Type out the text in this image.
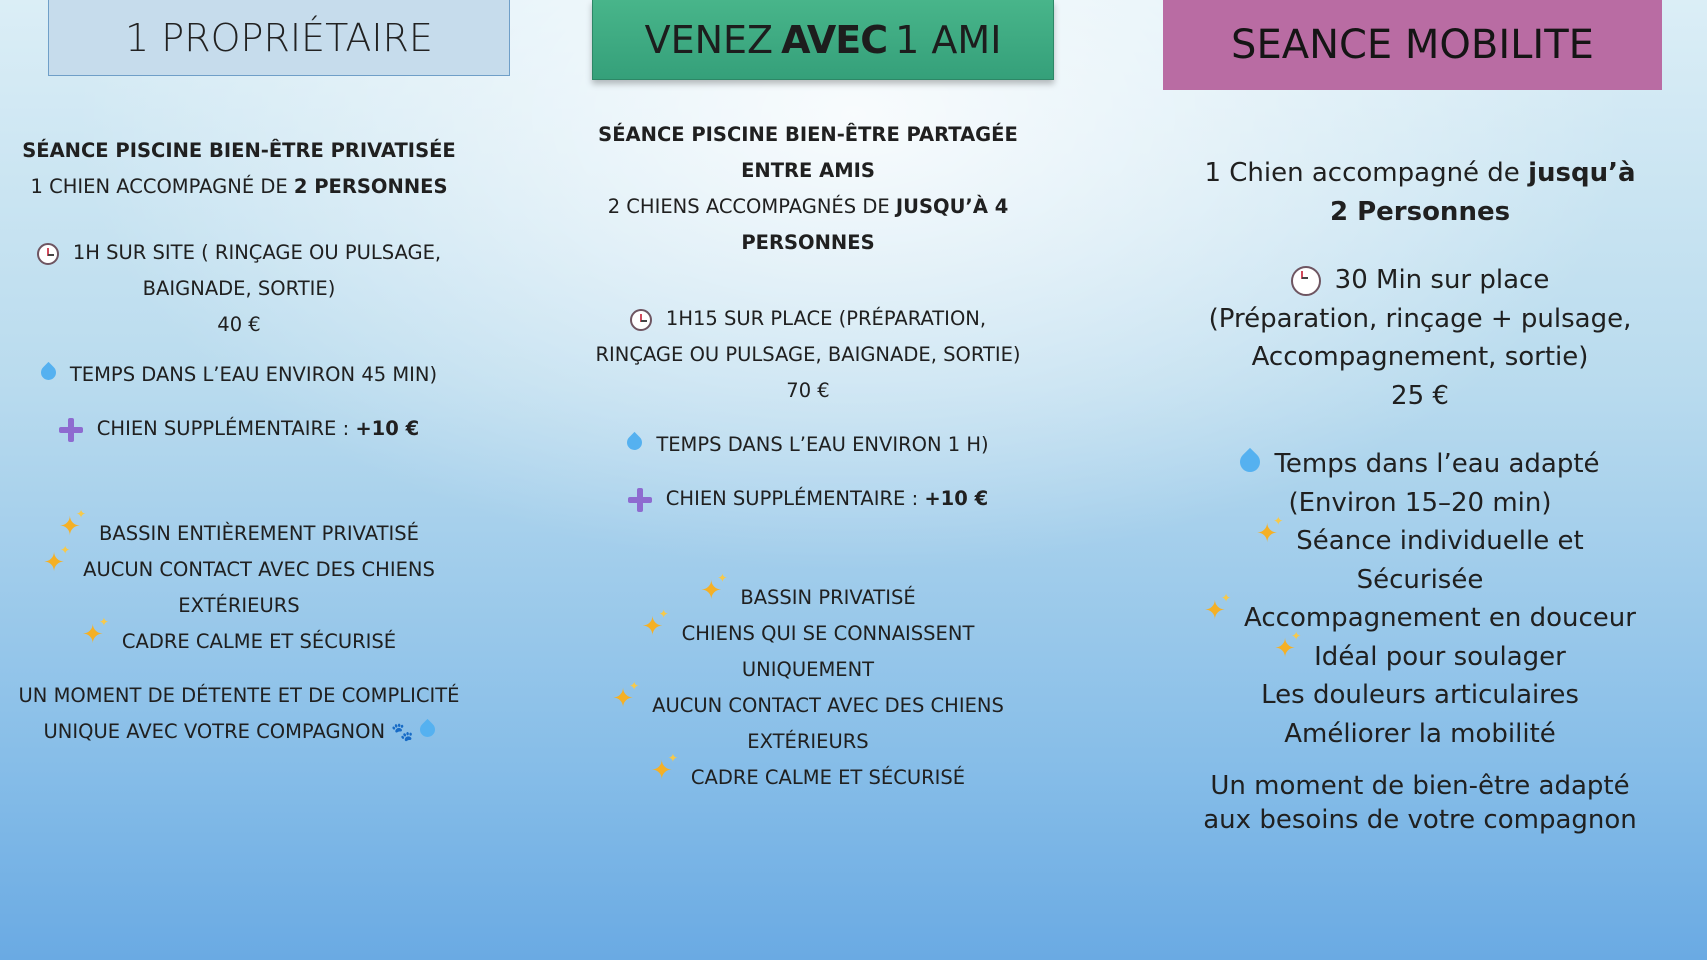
1 PROPRIÉTAIRE	VENEZ AVEC 1 AMI	SEANCE MOBILITE
SÉANCE PISCINE BIEN-ÊTRE PRIVATISÉE
1 CHIEN ACCOMPAGNÉ DE 2 PERSONNES
1H SUR SITE ( RINÇAGE OU PULSAGE,
BAIGNADE, SORTIE)
40 €
TEMPS DANS L’EAU ENVIRON 45 MIN)
CHIEN SUPPLÉMENTAIRE : +10 €
✦ ✦BASSIN ENTIÈREMENT PRIVATISÉ
✦ ✦AUCUN CONTACT AVEC DES CHIENS
EXTÉRIEURS
✦ ✦CADRE CALME ET SÉCURISÉ
UN MOMENT DE DÉTENTE ET DE COMPLICITÉ
UNIQUE AVEC VOTRE COMPAGNON 🐾
SÉANCE PISCINE BIEN-ÊTRE PARTAGÉE
ENTRE AMIS
2 CHIENS ACCOMPAGNÉS DE JUSQU’À 4
PERSONNES
1H15 SUR PLACE (PRÉPARATION,
RINÇAGE OU PULSAGE, BAIGNADE, SORTIE)
70 €
TEMPS DANS L’EAU ENVIRON 1 H)
CHIEN SUPPLÉMENTAIRE : +10 €
✦ ✦BASSIN PRIVATISÉ
✦ ✦CHIENS QUI SE CONNAISSENT
UNIQUEMENT
✦ ✦AUCUN CONTACT AVEC DES CHIENS
EXTÉRIEURS
✦ ✦CADRE CALME ET SÉCURISÉ
1 Chien accompagné de jusqu’à
2 Personnes
30 Min sur place
(Préparation, rinçage + pulsage,
Accompagnement, sortie)
25 €
Temps dans l’eau adapté
(Environ 15–20 min)
✦ ✦Séance individuelle et
Sécurisée
✦ ✦Accompagnement en douceur
✦ ✦Idéal pour soulager
Les douleurs articulaires
Améliorer la mobilité
Un moment de bien-être adapté
aux besoins de votre compagnon
